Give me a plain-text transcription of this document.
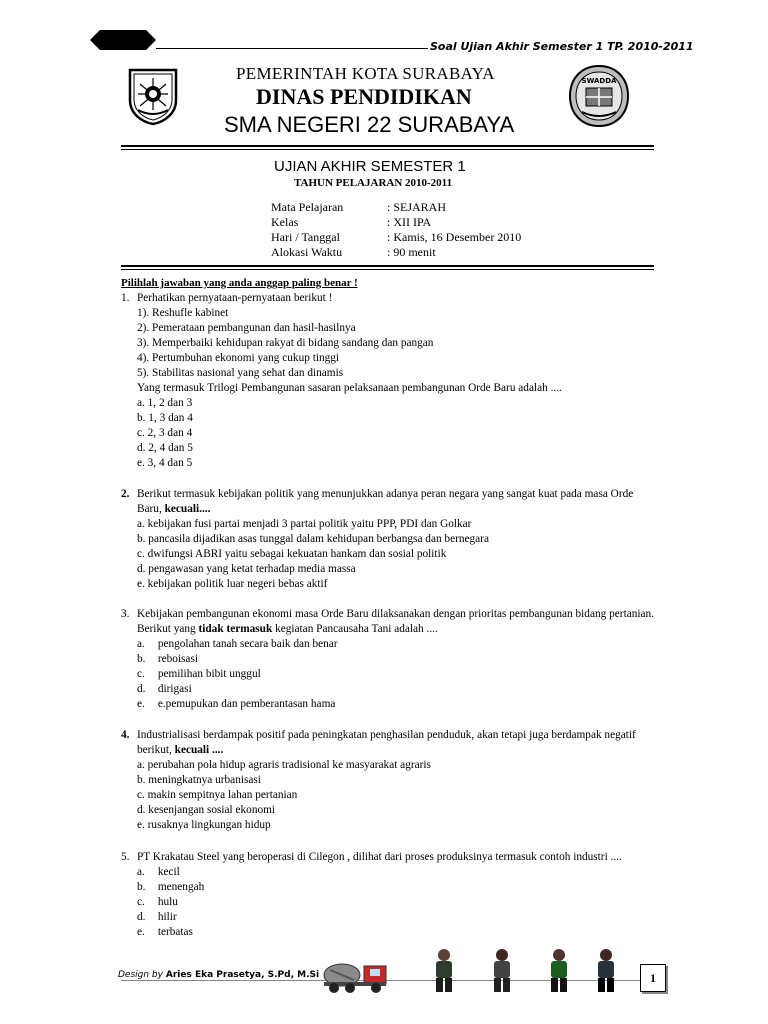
Soal Ujian Akhir Semester 1 TP. 2010-2011
SWADDA
PEMERINTAH KOTA SURABAYA
DINAS PENDIDIKAN
SMA NEGERI 22 SURABAYA
UJIAN AKHIR SEMESTER 1
TAHUN PELAJARAN 2010-2011
Mata Pelajaran	: SEJARAH
Kelas	: XII IPA
Hari / Tanggal	: Kamis, 16 Desember 2010
Alokasi Waktu	: 90 menit
Pilihlah jawaban yang anda anggap paling benar !
1. Perhatikan pernyataan-pernyataan berikut !
1). Reshufle kabinet
2). Pemerataan pembangunan dan hasil-hasilnya
3). Memperbaiki kehidupan rakyat di bidang sandang dan pangan
4). Pertumbuhan ekonomi yang cukup tinggi
5). Stabilitas nasional yang sehat dan dinamis
Yang termasuk Trilogi Pembangunan sasaran pelaksanaan pembangunan Orde Baru adalah ....
a. 1, 2 dan 3
b. 1, 3 dan 4
c. 2, 3 dan 4
d. 2, 4 dan 5
e. 3, 4 dan 5
2. Berikut termasuk kebijakan politik yang menunjukkan adanya peran negara yang sangat kuat pada masa Orde Baru, kecuali....
a. kebijakan fusi partai menjadi 3 partai politik yaitu PPP, PDI dan Golkar
b. pancasila dijadikan asas tunggal dalam kehidupan berbangsa dan bernegara
c. dwifungsi ABRI yaitu sebagai kekuatan hankam dan sosial politik
d. pengawasan yang ketat terhadap media massa
e. kebijakan politik luar negeri bebas aktif
3. Kebijakan pembangunan ekonomi masa Orde Baru dilaksanakan dengan prioritas pembangunan bidang pertanian. Berikut yang tidak termasuk kegiatan Pancausaha Tani adalah ....
a. pengolahan tanah secara baik dan benar
b. reboisasi
c. pemilihan bibit unggul
d. dirigasi
e. e.pemupukan dan pemberantasan hama
4. Industrialisasi berdampak positif pada peningkatan penghasilan penduduk, akan tetapi juga berdampak negatif berikut, kecuali ....
a. perubahan pola hidup agraris tradisional ke masyarakat agraris
b. meningkatnya urbanisasi
c. makin sempitnya lahan pertanian
d. kesenjangan sosial ekonomi
e. rusaknya lingkungan hidup
5. PT Krakatau Steel yang beroperasi di Cilegon , dilihat dari proses produksinya termasuk contoh industri ....
a. kecil
b. menengah
c. hulu
d. hilir
e. terbatas
Design by Aries Eka Prasetya, S.Pd, M.Si	1
